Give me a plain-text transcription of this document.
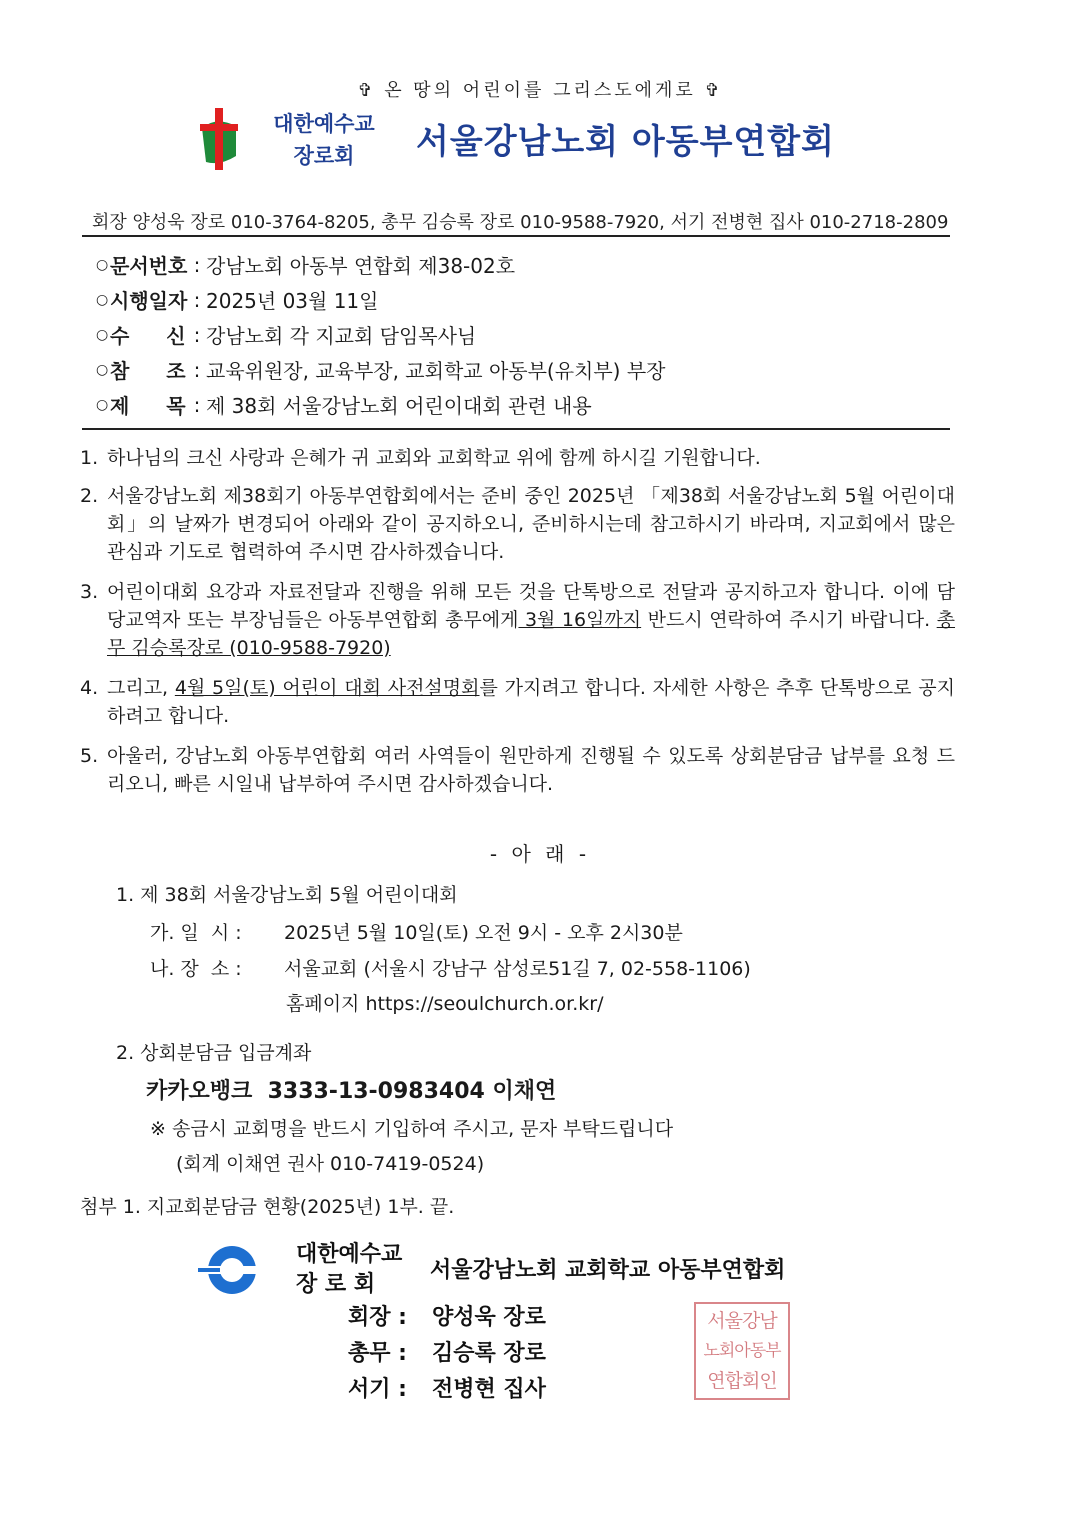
✞ 온 땅의 어린이를 그리스도에게로 ✞
대한예수교
장로회	서울강남노회 아동부연합회
회장 양성욱 장로 010-3764-8205, 총무 김승록 장로 010-9588-7920, 서기 전병현 집사 010-2718-2809
○ 문서번호 : 강남노회 아동부 연합회 제38-02호
○ 시행일자 : 2025년 03월 11일
○ 수 신 : 강남노회 각 지교회 담임목사님
○ 참 조 : 교육위원장, 교육부장, 교회학교 아동부(유치부) 부장
○ 제 목 : 제 38회 서울강남노회 어린이대회 관련 내용
1. 하나님의 크신 사랑과 은혜가 귀 교회와 교회학교 위에 함께 하시길 기원합니다.
2. 서울강남노회 제38회기 아동부연합회에서는 준비 중인 2025년 「제38회 서울강남노회 5월 어린이대회」의 날짜가 변경되어 아래와 같이 공지하오니, 준비하시는데 참고하시기 바라며, 지교회에서 많은 관심과 기도로 협력하여 주시면 감사하겠습니다.
3. 어린이대회 요강과 자료전달과 진행을 위해 모든 것을 단톡방으로 전달과 공지하고자 합니다. 이에 담당교역자 또는 부장님들은 아동부연합회 총무에게 3월 16일까지 반드시 연락하여 주시기 바랍니다. 총무 김승록장로 (010-9588-7920)
4. 그리고, 4월 5일(토) 어린이 대회 사전설명회를 가지려고 합니다. 자세한 사항은 추후 단톡방으로 공지하려고 합니다.
5. 아울러, 강남노회 아동부연합회 여러 사역들이 원만하게 진행될 수 있도록 상회분담금 납부를 요청 드리오니, 빠른 시일내 납부하여 주시면 감사하겠습니다.
- 아 래 -
1. 제 38회 서울강남노회 5월 어린이대회
가. 일  시 : 2025년 5월 10일(토) 오전 9시 - 오후 2시30분
나. 장  소 : 서울교회 (서울시 강남구 삼성로51길 7, 02-558-1106)
홈페이지 https://seoulchurch.or.kr/
2. 상회분담금 입금계좌
카카오뱅크  3333-13-0983404 이채연
※ 송금시 교회명을 반드시 기입하여 주시고, 문자 부탁드립니다
(회계 이채연 권사 010-7419-0524)
첨부 1. 지교회분담금 현황(2025년) 1부. 끝.
대한예수교
장 로 회
서울강남노회 교회학교 아동부연합회
회장 : 양성욱 장로
총무 : 김승록 장로
서기 : 전병현 집사
서울강남
노회아동부
연합회인
